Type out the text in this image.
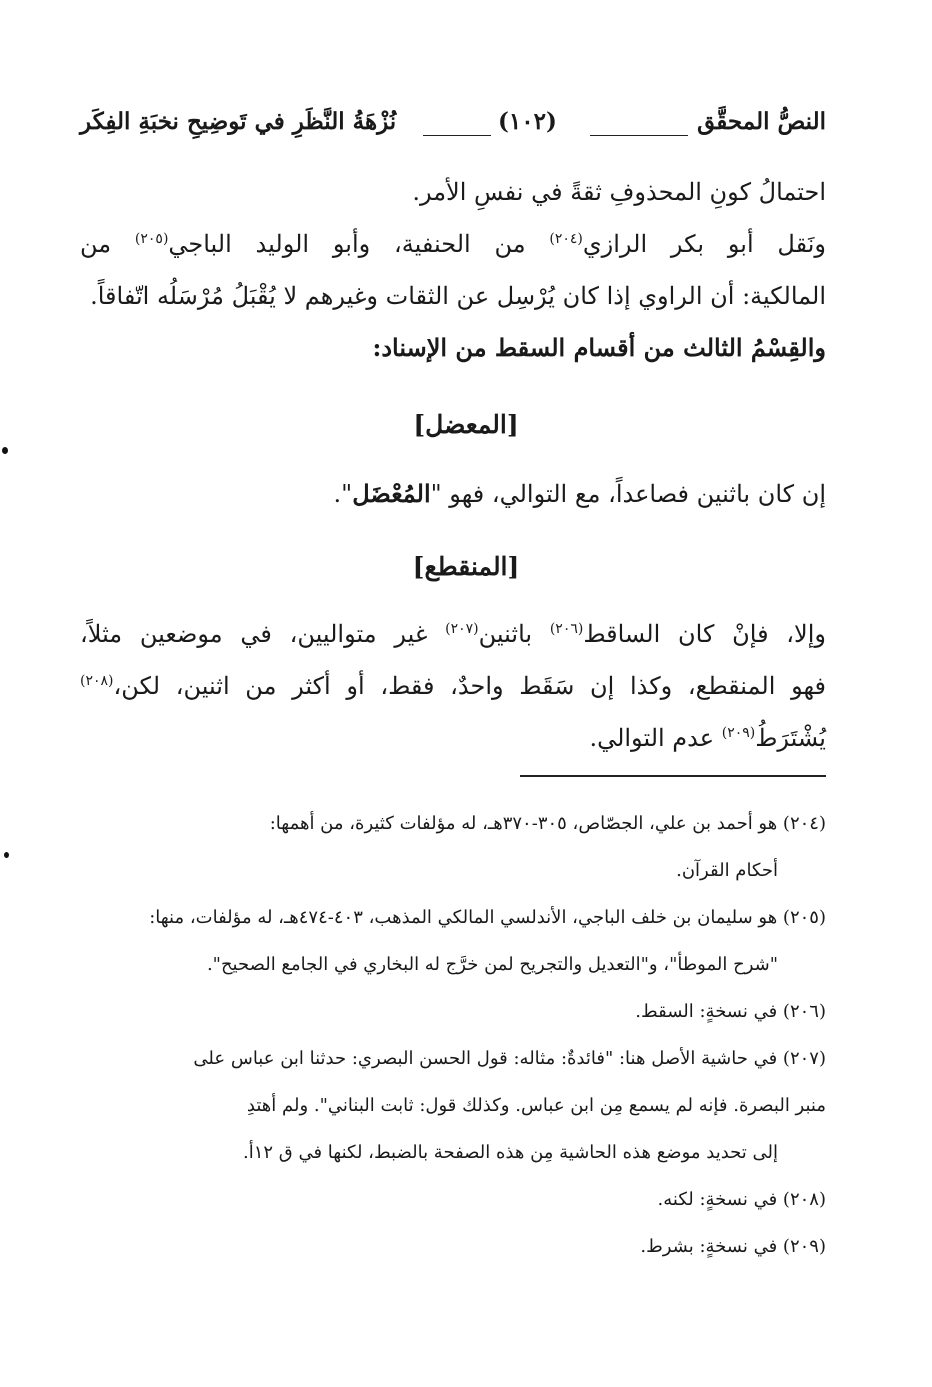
النصُّ المحقَّق
(١٠٢)
نُزْهَةُ النَّظَرِ في تَوضِيحِ نخبَةِ الفِكَر
احتمالُ كونِ المحذوفِ ثقةً في نفسِ الأمر.
ونَقل أبو بكر الرازي$^{(٢٠٤)}$ من الحنفية، وأبو الوليد الباجي$^{(٢٠٥)}$ من
المالكية: أن الراوي إذا كان يُرْسِل عن الثقات وغيرهم لا يُقْبَلُ مُرْسَلُه اتّفاقاً.
والقِسْمُ الثالث من أقسام السقط من الإسناد:
[المعضل]
إن كان باثنين فصاعداً، مع التوالي، فهو "المُعْضَل".
[المنقطع]
وإلا، فإنْ كان الساقط$^{(٢٠٦)}$ باثنين$^{(٢٠٧)}$ غير متواليين، في موضعين مثلاً،
فهو المنقطع، وكذا إن سَقَط واحدٌ، فقط، أو أكثر من اثنين، لكن،$^{(٢٠٨)}$
يُشْتَرَطُ$^{(٢٠٩)}$ عدم التوالي.
(٢٠٤) هو أحمد بن علي، الجصّاص، ٣٠٥-٣٧٠هـ، له مؤلفات كثيرة، من أهمها:
أحكام القرآن.
(٢٠٥) هو سليمان بن خلف الباجي، الأندلسي المالكي المذهب، ٤٠٣-٤٧٤هـ، له مؤلفات، منها:
"شرح الموطأ"، و"التعديل والتجريح لمن خرَّج له البخاري في الجامع الصحيح".
(٢٠٦) في نسخةٍ: السقط.
(٢٠٧) في حاشية الأصل هنا: "فائدةٌ: مثاله: قول الحسن البصري: حدثنا ابن عباس على
منبر البصرة. فإنه لم يسمع مِن ابن عباس. وكذلك قول: ثابت البناني". ولم أهتدِ
إلى تحديد موضع هذه الحاشية مِن هذه الصفحة بالضبط، لكنها في ق ١٢أ.
(٢٠٨) في نسخةٍ: لكنه.
(٢٠٩) في نسخةٍ: بشرط.
